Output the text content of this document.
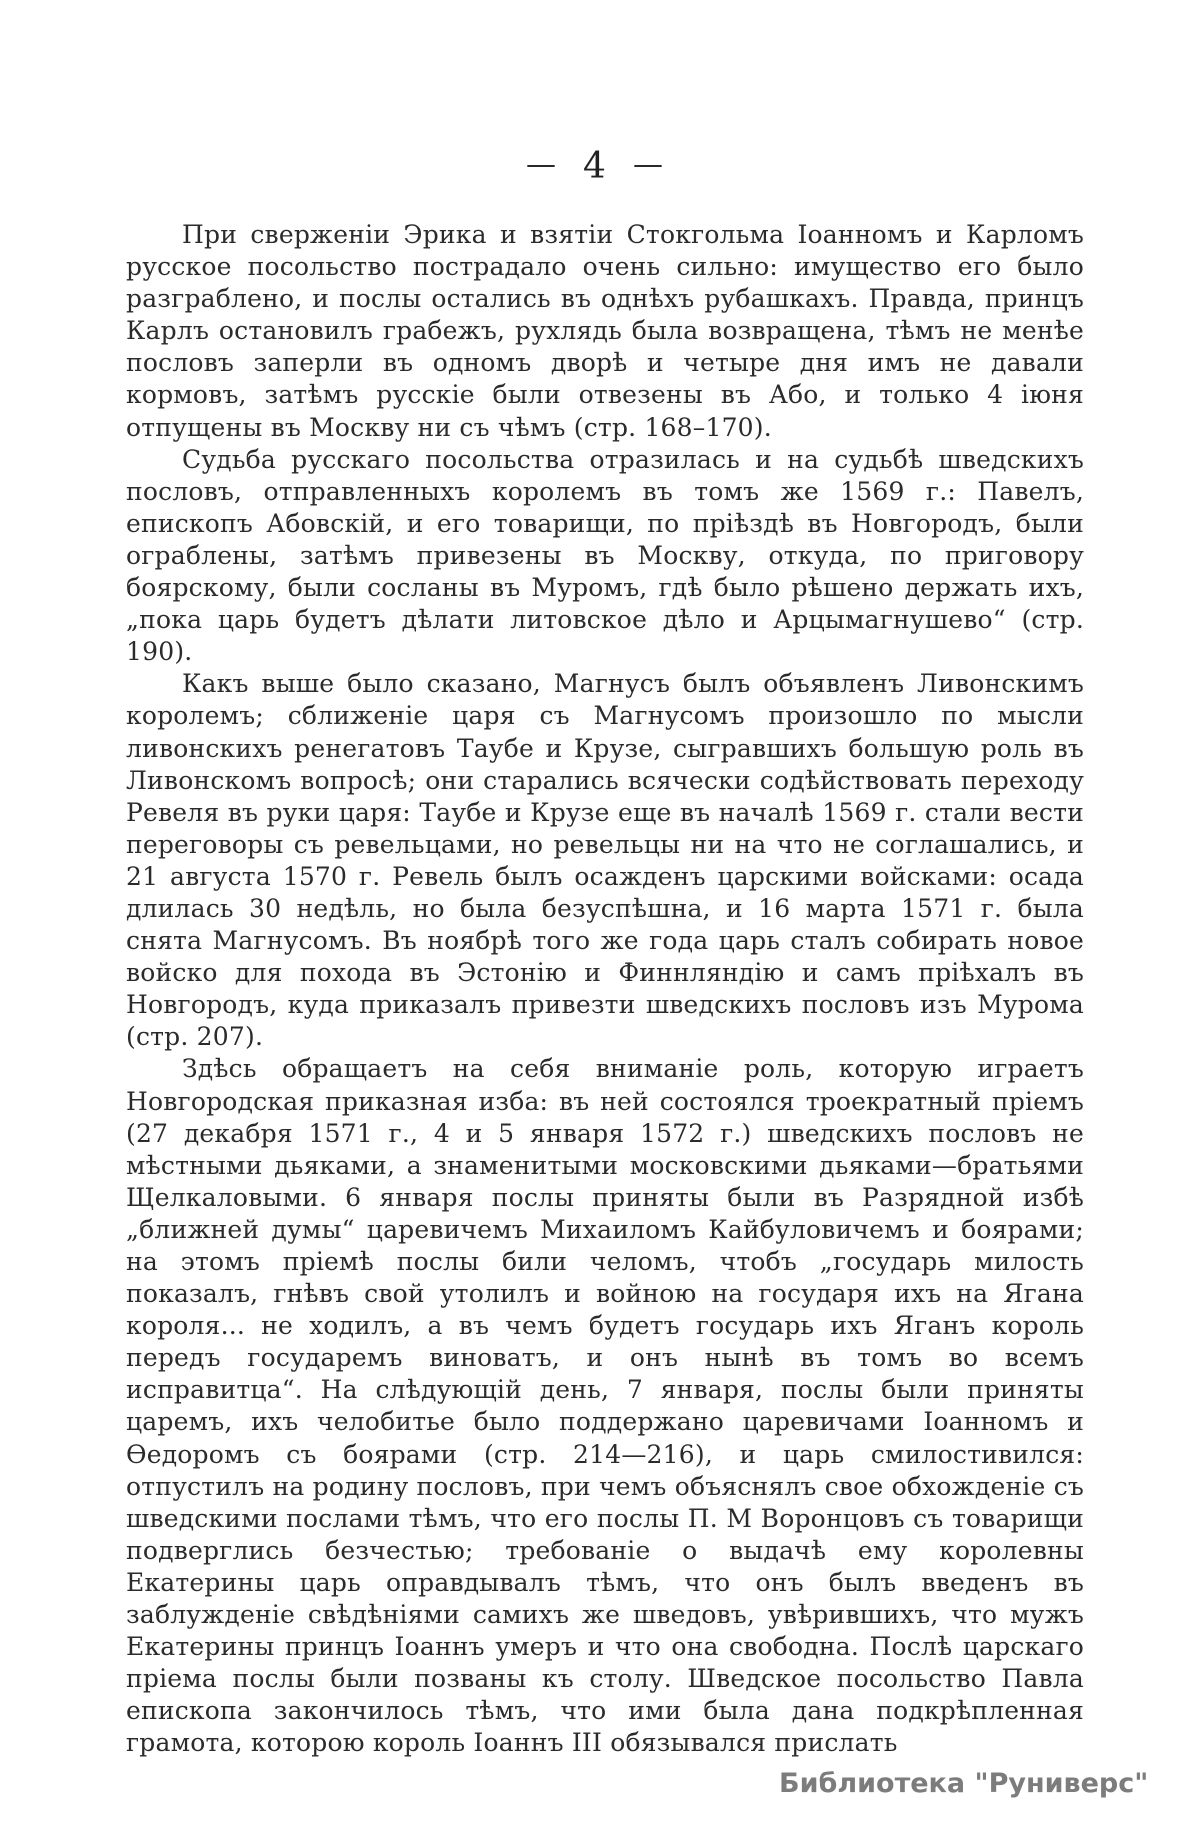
— 4 —

При сверженіи Эрика и взятіи Стокгольма Іоанномъ и Карломъ русское посольство пострадало очень сильно: имущество его было разграблено, и послы остались въ однѣхъ рубашкахъ. Правда, принцъ Карлъ остановилъ грабежъ, рухлядь была возвращена, тѣмъ не менѣе пословъ заперли въ одномъ дворѣ и четыре дня имъ не давали кормовъ, затѣмъ русскіе были отвезены въ Або, и только 4 іюня отпущены въ Москву ни съ чѣмъ (стр. 168–170).

Судьба русскаго посольства отразилась и на судьбѣ шведскихъ пословъ, отправленныхъ королемъ въ томъ же 1569 г.: Павелъ, епископъ Абовскій, и его товарищи, по пріѣздѣ въ Новгородъ, были ограблены, затѣмъ привезены въ Москву, откуда, по приговору боярскому, были сосланы въ Муромъ, гдѣ было рѣшено держать ихъ, „пока царь будетъ дѣлати литовское дѣло и Арцымагнушево“ (стр. 190).

Какъ выше было сказано, Магнусъ былъ объявленъ Ливонскимъ королемъ; сближеніе царя съ Магнусомъ произошло по мысли ливонскихъ ренегатовъ Таубе и Крузе, сыгравшихъ большую роль въ Ливонскомъ вопросѣ; они старались всячески содѣйствовать переходу Ревеля въ руки царя: Таубе и Крузе еще въ началѣ 1569 г. стали вести переговоры съ ревельцами, но ревельцы ни на что не соглашались, и 21 августа 1570 г. Ревель былъ осажденъ царскими войсками: осада длилась 30 недѣль, но была безуспѣшна, и 16 марта 1571 г. была снята Магнусомъ. Въ ноябрѣ того же года царь сталъ собирать новое войско для похода въ Эстонію и Финнляндію и самъ пріѣхалъ въ Новгородъ, куда приказалъ привезти шведскихъ пословъ изъ Мурома (стр. 207).

Здѣсь обращаетъ на себя вниманіе роль, которую играетъ Новгородская приказная изба: въ ней состоялся троекратный пріемъ (27 декабря 1571 г., 4 и 5 января 1572 г.) шведскихъ пословъ не мѣстными дьяками, а знаменитыми московскими дьяками—братьями Щелкаловыми. 6 января послы приняты были въ Разрядной избѣ „ближней думы“ царевичемъ Михаиломъ Кайбуловичемъ и боярами; на этомъ пріемѣ послы били челомъ, чтобъ „государь милость показалъ, гнѣвъ свой утолилъ и войною на государя ихъ на Ягана короля... не ходилъ, а въ чемъ будетъ государь ихъ Яганъ король передъ государемъ виноватъ, и онъ нынѣ въ томъ во всемъ исправитца“. На слѣдующій день, 7 января, послы были приняты царемъ, ихъ челобитье было поддержано царевичами Іоанномъ и Ѳедоромъ съ боярами (стр. 214—216), и царь смилостивился: отпустилъ на родину пословъ, при чемъ объяснялъ свое обхожденіе съ шведскими послами тѣмъ, что его послы П. М Воронцовъ съ товарищи подверглись безчестью; требованіе о выдачѣ ему королевны Екатерины царь оправдывалъ тѣмъ, что онъ былъ введенъ въ заблужденіе свѣдѣніями самихъ же шведовъ, увѣрившихъ, что мужъ Екатерины принцъ Іоаннъ умеръ и что она свободна. Послѣ царскаго пріема послы были позваны къ столу. Шведское посольство Павла епископа закончилось тѣмъ, что ими была дана подкрѣпленная грамота, которою король Іоаннъ III обязывался прислать

Библиотека "Руниверс"
